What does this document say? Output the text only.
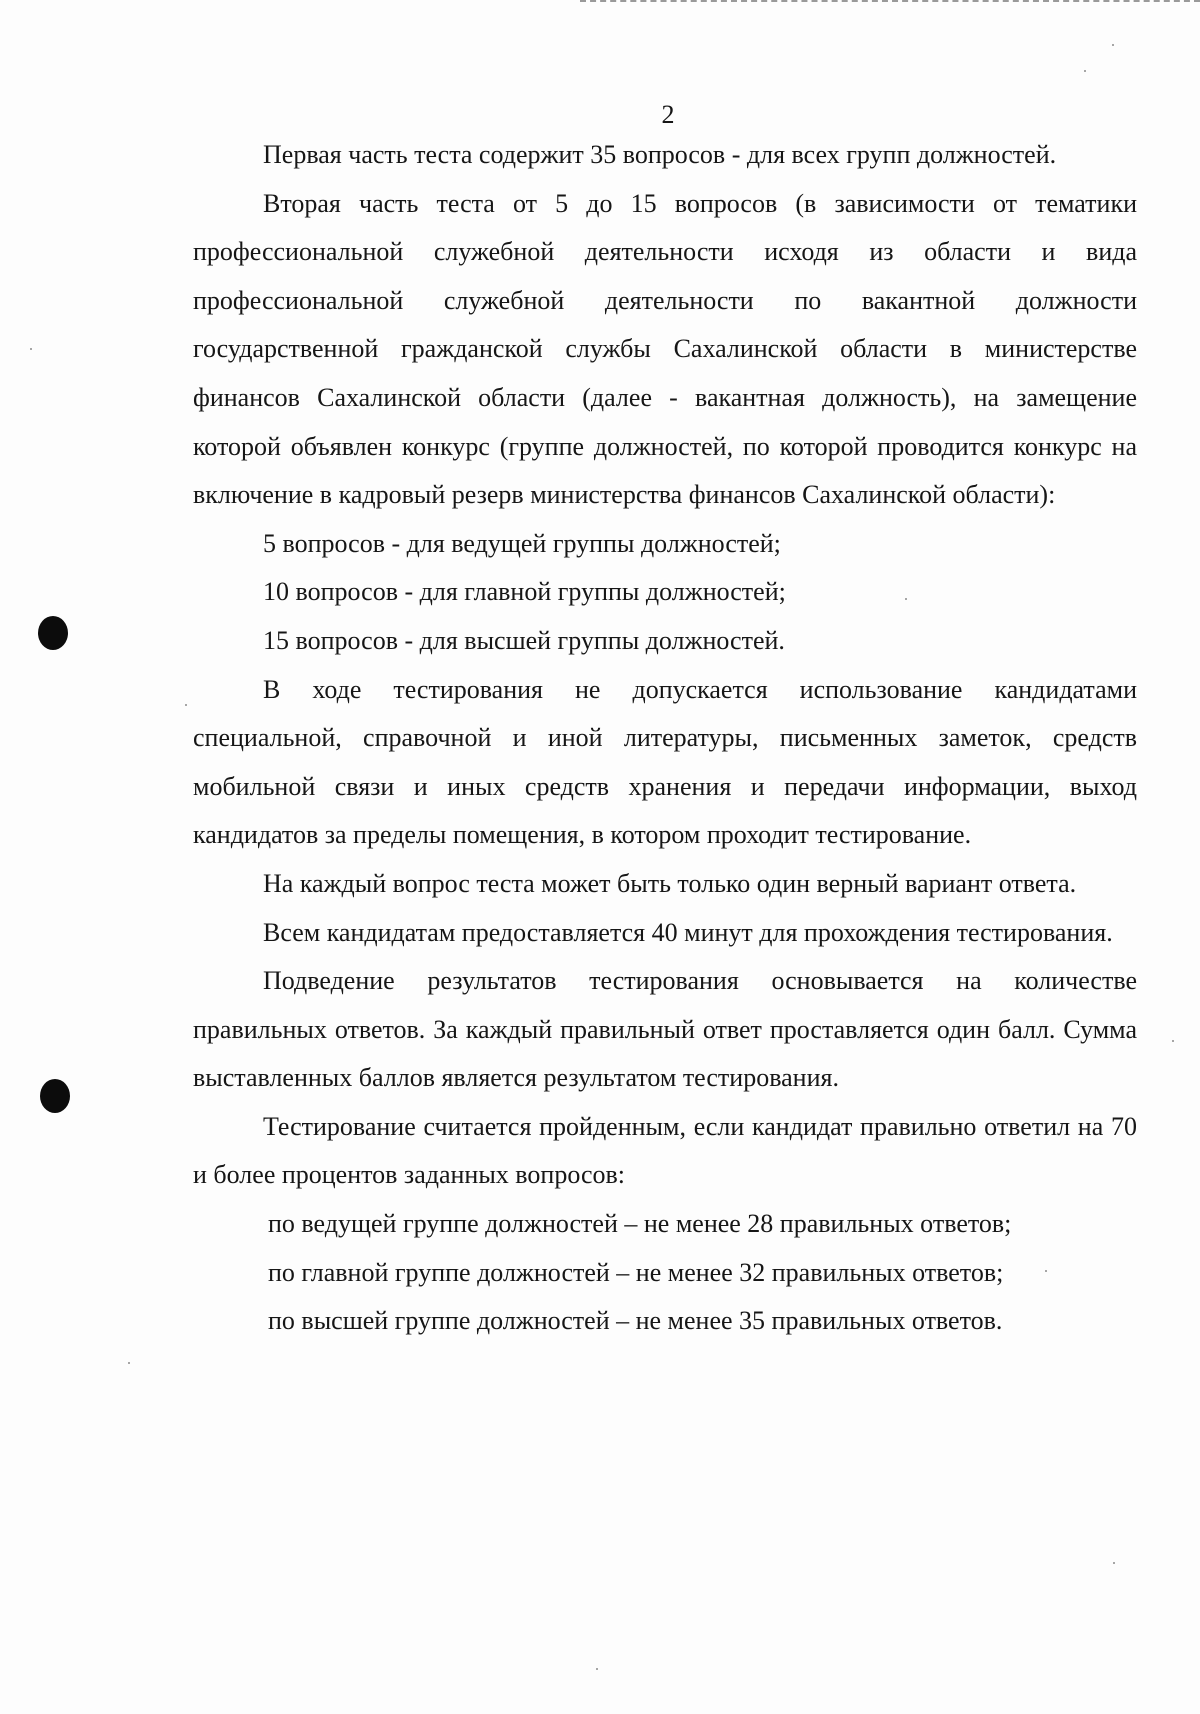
2

Первая часть теста содержит 35 вопросов - для всех групп должностей.

Вторая часть теста от 5 до 15 вопросов (в зависимости от тематики профессиональной служебной деятельности исходя из области и вида профессиональной служебной деятельности по вакантной должности государственной гражданской службы Сахалинской области в министерстве финансов Сахалинской области (далее - вакантная должность), на замещение которой объявлен конкурс (группе должностей, по которой проводится конкурс на включение в кадровый резерв министерства финансов Сахалинской области):

5 вопросов - для ведущей группы должностей;

10 вопросов - для главной группы должностей;

15 вопросов - для высшей группы должностей.

В ходе тестирования не допускается использование кандидатами специальной, справочной и иной литературы, письменных заметок, средств мобильной связи и иных средств хранения и передачи информации, выход кандидатов за пределы помещения, в котором проходит тестирование.

На каждый вопрос теста может быть только один верный вариант ответа.

Всем кандидатам предоставляется 40 минут для прохождения тестирования.

Подведение результатов тестирования основывается на количестве правильных ответов. За каждый правильный ответ проставляется один балл. Сумма выставленных баллов является результатом тестирования.

Тестирование считается пройденным, если кандидат правильно ответил на 70 и более процентов заданных вопросов:

по ведущей группе должностей – не менее 28 правильных ответов;

по главной группе должностей – не менее 32 правильных ответов;

по высшей группе должностей – не менее 35 правильных ответов.
